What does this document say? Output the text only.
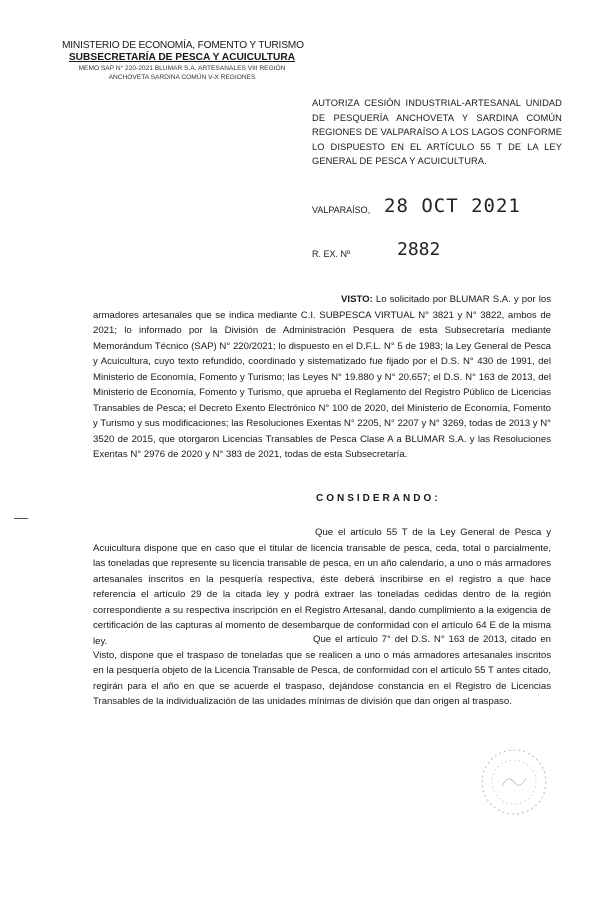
MINISTERIO DE ECONOMÍA, FOMENTO Y TURISMO
SUBSECRETARÍA DE PESCA Y ACUICULTURA
MEMO SAP N° 220-2021 BLUMAR S.A. ARTESANALES VIII REGIÓN
ANCHOVETA SARDINA COMÚN V-X REGIONES
AUTORIZA CESIÓN INDUSTRIAL-ARTESANAL UNIDAD DE PESQUERÍA ANCHOVETA Y SARDINA COMÚN REGIONES DE VALPARAÍSO A LOS LAGOS CONFORME LO DISPUESTO EN EL ARTÍCULO 55 T DE LA LEY GENERAL DE PESCA Y ACUICULTURA.
VALPARAÍSO, 28 OCT 2021
R. EX. Nº	2882
VISTO: Lo solicitado por BLUMAR S.A. y por los armadores artesanales que se indica mediante C.I. SUBPESCA VIRTUAL N° 3821 y N° 3822, ambos de 2021; lo informado por la División de Administración Pesquera de esta Subsecretaría mediante Memorándum Técnico (SAP) N° 220/2021; lo dispuesto en el D.F.L. N° 5 de 1983; la Ley General de Pesca y Acuicultura, cuyo texto refundido, coordinado y sistematizado fue fijado por el D.S. N° 430 de 1991, del Ministerio de Economía, Fomento y Turismo; las Leyes N° 19.880 y N° 20.657; el D.S. N° 163 de 2013, del Ministerio de Economía, Fomento y Turismo, que aprueba el Reglamento del Registro Público de Licencias Transables de Pesca; el Decreto Exento Electrónico N° 100 de 2020, del Ministerio de Economía, Fomento y Turismo y sus modificaciones; las Resoluciones Exentas N° 2205, N° 2207 y N° 3269, todas de 2013 y N° 3520 de 2015, que otorgaron Licencias Transables de Pesca Clase A a BLUMAR S.A. y las Resoluciones Exentas N° 2976 de 2020 y N° 383 de 2021, todas de esta Subsecretaría.
CONSIDERANDO:
Que el artículo 55 T de la Ley General de Pesca y Acuicultura dispone que en caso que el titular de licencia transable de pesca, ceda, total o parcialmente, las toneladas que represente su licencia transable de pesca, en un año calendario, a uno o más armadores artesanales inscritos en la pesquería respectiva, éste deberá inscribirse en el registro a que hace referencia el artículo 29 de la citada ley y podrá extraer las toneladas cedidas dentro de la región correspondiente a su respectiva inscripción en el Registro Artesanal, dando cumplimiento a la exigencia de certificación de las capturas al momento de desembarque de conformidad con el artículo 64 E de la misma ley.	Que el artículo 7° del D.S. N° 163 de 2013, citado en Visto, dispone que el traspaso de toneladas que se realicen a uno o más armadores artesanales inscritos en la pesquería objeto de la Licencia Transable de Pesca, de conformidad con el artículo 55 T antes citado, regirán para el año en que se acuerde el traspaso, dejándose constancia en el Registro de Licencias Transables de la individualización de las unidades mínimas de división que dan origen al traspaso.
